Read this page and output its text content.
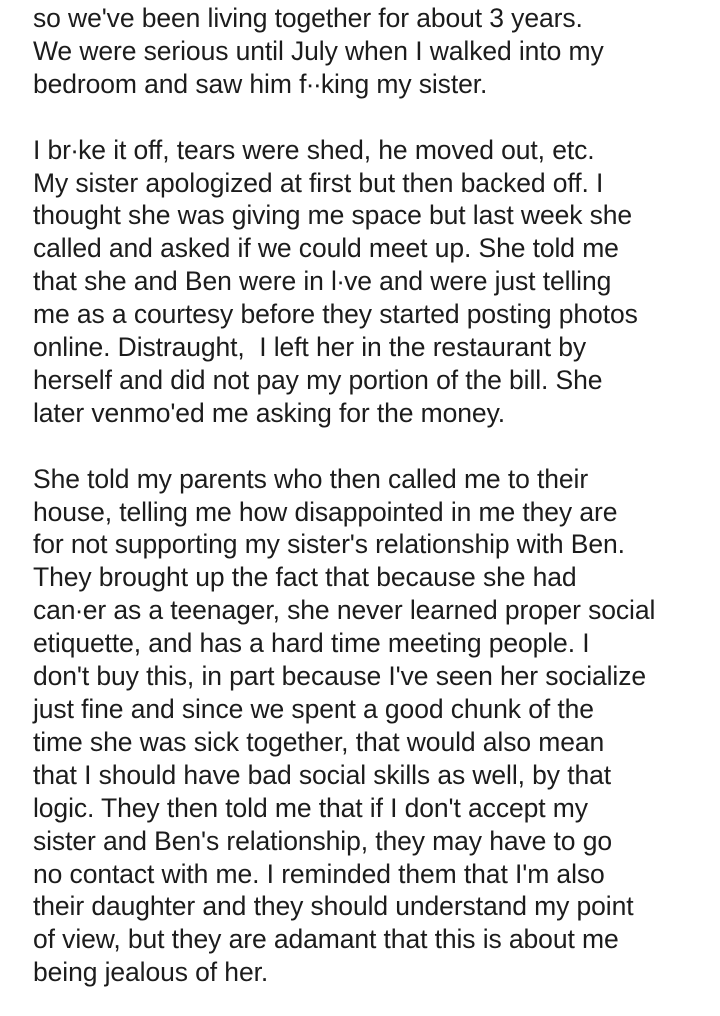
so we've been living together for about 3 years.
We were serious until July when I walked into my
bedroom and saw him f∙∙king my sister.

I br∙ke it off, tears were shed, he moved out, etc.
My sister apologized at first but then backed off. I
thought she was giving me space but last week she
called and asked if we could meet up. She told me
that she and Ben were in l∙ve and were just telling
me as a courtesy before they started posting photos
online. Distraught,  I left her in the restaurant by
herself and did not pay my portion of the bill. She
later venmo'ed me asking for the money.

She told my parents who then called me to their
house, telling me how disappointed in me they are
for not supporting my sister's relationship with Ben.
They brought up the fact that because she had
can∙er as a teenager, she never learned proper social
etiquette, and has a hard time meeting people. I
don't buy this, in part because I've seen her socialize
just fine and since we spent a good chunk of the
time she was sick together, that would also mean
that I should have bad social skills as well, by that
logic. They then told me that if I don't accept my
sister and Ben's relationship, they may have to go
no contact with me. I reminded them that I'm also
their daughter and they should understand my point
of view, but they are adamant that this is about me
being jealous of her.
